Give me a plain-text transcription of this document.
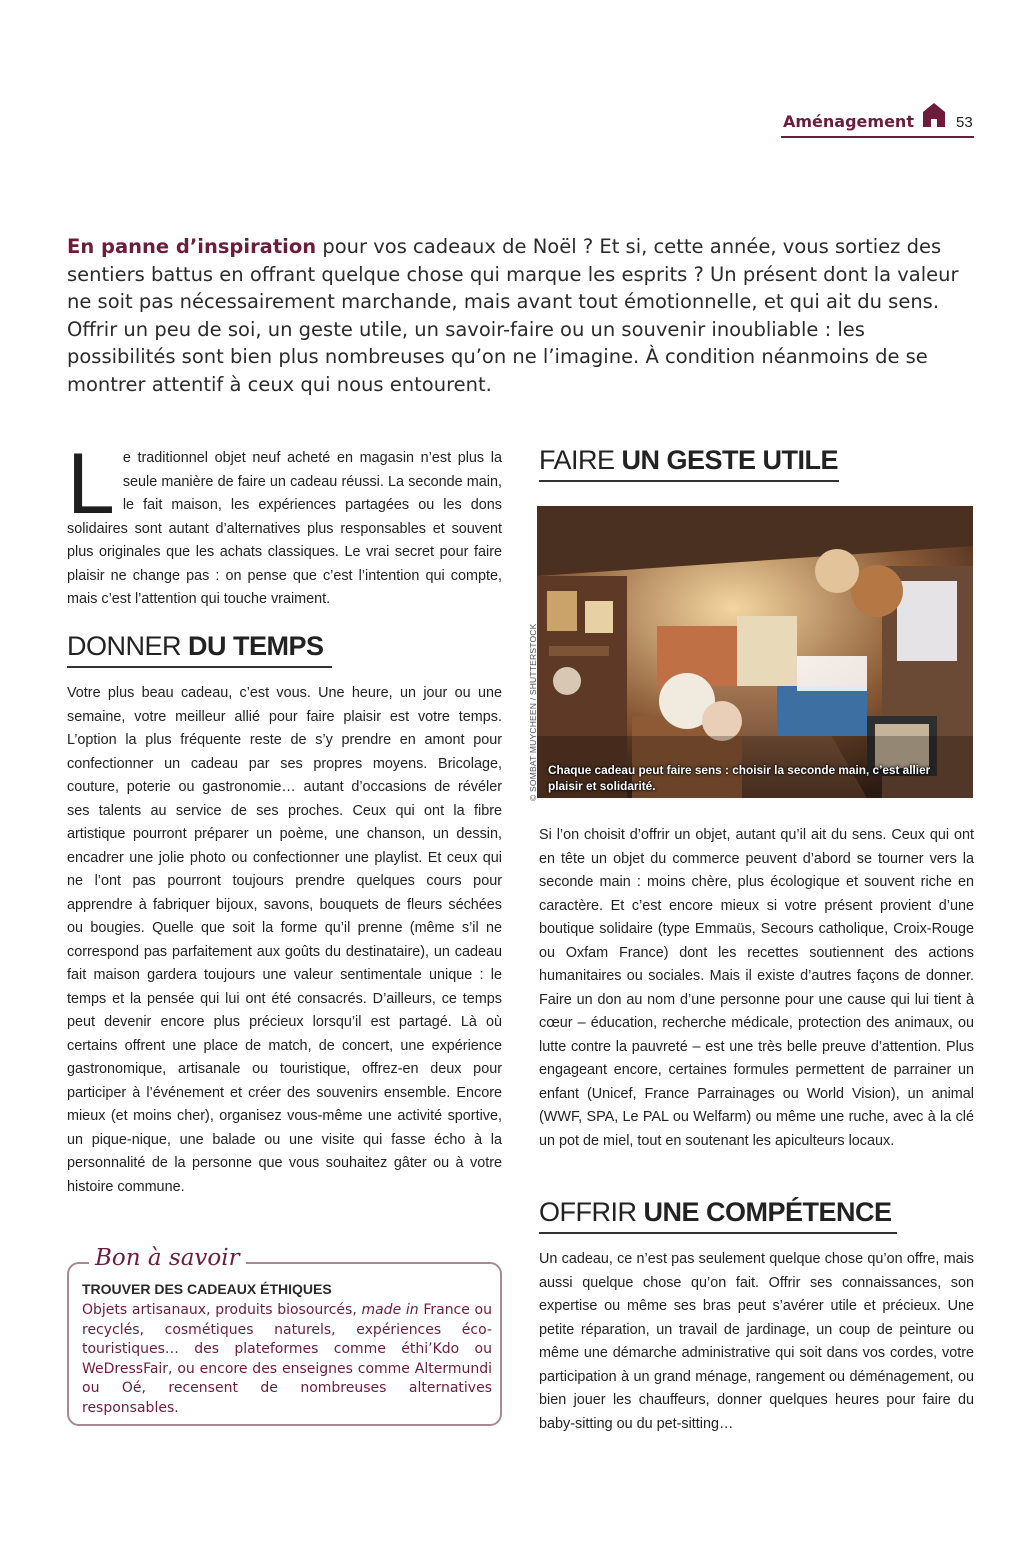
Aménagement	53
En panne d’inspiration pour vos cadeaux de Noël ? Et si, cette année, vous sortiez des sentiers battus en offrant quelque chose qui marque les esprits ? Un présent dont la valeur ne soit pas nécessairement marchande, mais avant tout émotionnelle, et qui ait du sens. Offrir un peu de soi, un geste utile, un savoir-faire ou un souvenir inoubliable : les possibilités sont bien plus nombreuses qu’on ne l’imagine. À condition néanmoins de se montrer attentif à ceux qui nous entourent.
L e traditionnel objet neuf acheté en magasin n’est plus la seule manière de faire un cadeau réussi. La seconde main, le fait maison, les expériences partagées ou les dons solidaires sont autant d’alternatives plus responsables et souvent plus originales que les achats classiques. Le vrai secret pour faire plaisir ne change pas : on pense que c’est l’intention qui compte, mais c’est l’attention qui touche vraiment.
DONNER DU TEMPS
Votre plus beau cadeau, c’est vous. Une heure, un jour ou une semaine, votre meilleur allié pour faire plaisir est votre temps. L’option la plus fréquente reste de s’y prendre en amont pour confectionner un cadeau par ses propres moyens. Bricolage, couture, poterie ou gastronomie… autant d’occasions de révéler ses talents au service de ses proches. Ceux qui ont la fibre artistique pourront préparer un poème, une chanson, un dessin, encadrer une jolie photo ou confectionner une playlist. Et ceux qui ne l’ont pas pourront toujours prendre quelques cours pour apprendre à fabriquer bijoux, savons, bouquets de fleurs séchées ou bougies. Quelle que soit la forme qu’il prenne (même s’il ne correspond pas parfaitement aux goûts du destinataire), un cadeau fait maison gardera toujours une valeur sentimentale unique : le temps et la pensée qui lui ont été consacrés. D’ailleurs, ce temps peut devenir encore plus précieux lorsqu’il est partagé. Là où certains offrent une place de match, de concert, une expérience gastronomique, artisanale ou touristique, offrez-en deux pour participer à l’événement et créer des souvenirs ensemble. Encore mieux (et moins cher), organisez vous-même une activité sportive, un pique-nique, une balade ou une visite qui fasse écho à la personnalité de la personne que vous souhaitez gâter ou à votre histoire commune.
FAIRE UN GESTE UTILE
© SOMBAT MUYCHEEN / SHUTTERSTOCK Chaque cadeau peut faire sens : choisir la seconde main, c’est allier plaisir et solidarité.
Si l’on choisit d’offrir un objet, autant qu’il ait du sens. Ceux qui ont en tête un objet du commerce peuvent d’abord se tourner vers la seconde main : moins chère, plus écologique et souvent riche en caractère. Et c’est encore mieux si votre présent provient d’une boutique solidaire (type Emmaüs, Secours catholique, Croix-Rouge ou Oxfam France) dont les recettes soutiennent des actions humanitaires ou sociales. Mais il existe d’autres façons de donner. Faire un don au nom d’une personne pour une cause qui lui tient à cœur – éducation, recherche médicale, protection des animaux, ou lutte contre la pauvreté – est une très belle preuve d’attention. Plus engageant encore, certaines formules permettent de parrainer un enfant (Unicef, France Parrainages ou World Vision), un animal (WWF, SPA, Le PAL ou Welfarm) ou même une ruche, avec à la clé un pot de miel, tout en soutenant les apiculteurs locaux.
OFFRIR UNE COMPÉTENCE
Un cadeau, ce n’est pas seulement quelque chose qu’on offre, mais aussi quelque chose qu’on fait. Offrir ses connaissances, son expertise ou même ses bras peut s’avérer utile et précieux. Une petite réparation, un travail de jardinage, un coup de peinture ou même une démarche administrative qui soit dans vos cordes, votre participation à un grand ménage, rangement ou déménagement, ou bien jouer les chauffeurs, donner quelques heures pour faire du baby-sitting ou du pet-sitting…
Bon à savoir
TROUVER DES CADEAUX ÉTHIQUES
Objets artisanaux, produits biosourcés, made in France ou recyclés, cosmétiques naturels, expériences éco-touristiques… des plateformes comme éthi’Kdo ou WeDressFair, ou encore des enseignes comme Altermundi ou Oé, recensent de nombreuses alternatives responsables.
